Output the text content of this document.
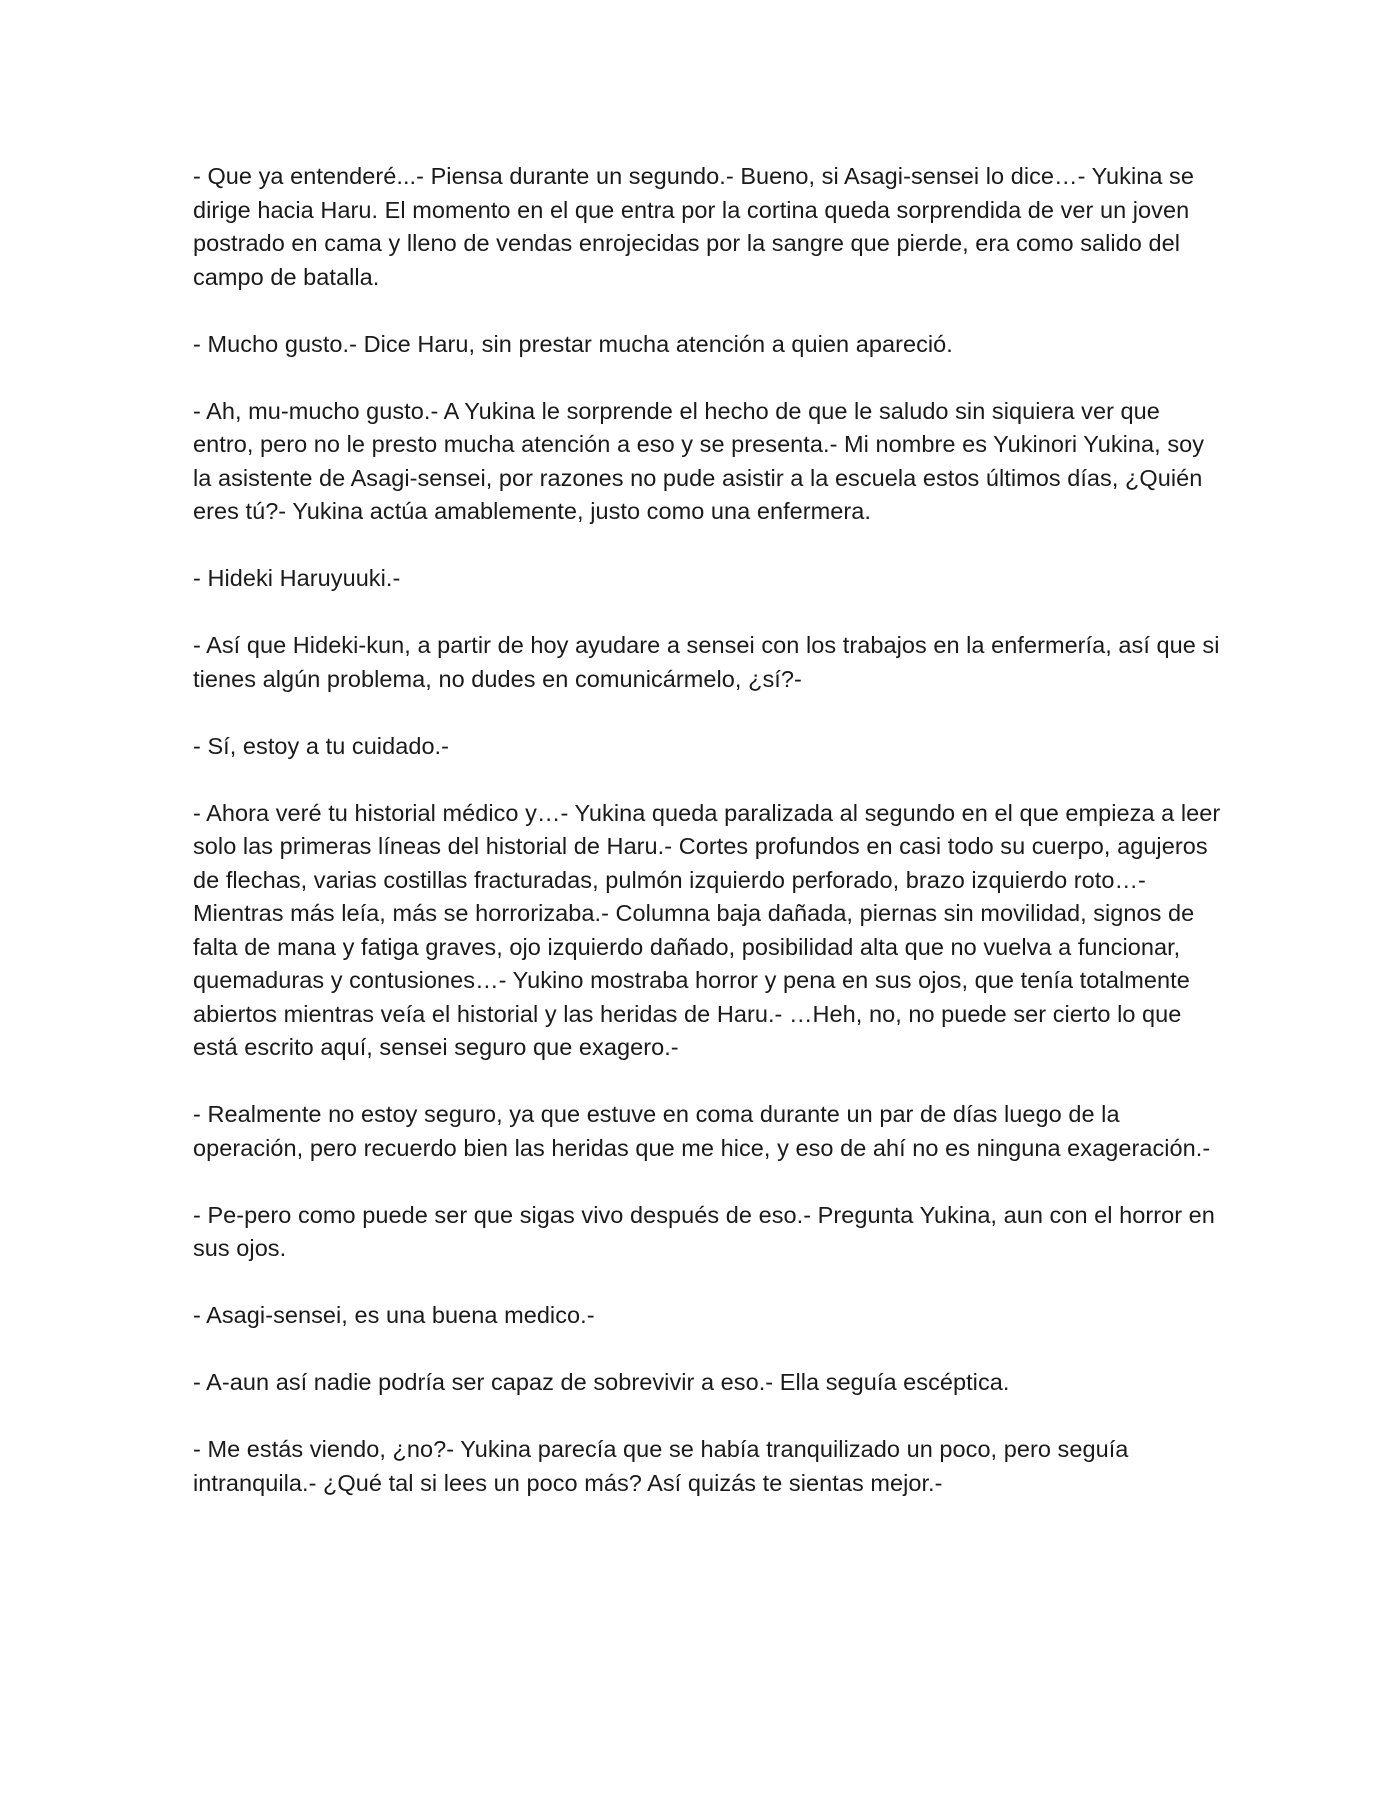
- Que ya entenderé...- Piensa durante un segundo.- Bueno, si Asagi-sensei lo dice…- Yukina se dirige hacia Haru. El momento en el que entra por la cortina queda sorprendida de ver un joven postrado en cama y lleno de vendas enrojecidas por la sangre que pierde, era como salido del campo de batalla.

- Mucho gusto.- Dice Haru, sin prestar mucha atención a quien apareció.

- Ah, mu-mucho gusto.- A Yukina le sorprende el hecho de que le saludo sin siquiera ver que entro, pero no le presto mucha atención a eso y se presenta.- Mi nombre es Yukinori Yukina, soy la asistente de Asagi-sensei, por razones no pude asistir a la escuela estos últimos días, ¿Quién eres tú?- Yukina actúa amablemente, justo como una enfermera.

- Hideki Haruyuuki.-

- Así que Hideki-kun, a partir de hoy ayudare a sensei con los trabajos en la enfermería, así que si tienes algún problema, no dudes en comunicármelo, ¿sí?-

- Sí, estoy a tu cuidado.-

- Ahora veré tu historial médico y…- Yukina queda paralizada al segundo en el que empieza a leer solo las primeras líneas del historial de Haru.- Cortes profundos en casi todo su cuerpo, agujeros de flechas, varias costillas fracturadas, pulmón izquierdo perforado, brazo izquierdo roto…- Mientras más leía, más se horrorizaba.- Columna baja dañada, piernas sin movilidad, signos de falta de mana y fatiga graves, ojo izquierdo dañado, posibilidad alta que no vuelva a funcionar, quemaduras y contusiones…- Yukino mostraba horror y pena en sus ojos, que tenía totalmente abiertos mientras veía el historial y las heridas de Haru.- …Heh, no, no puede ser cierto lo que está escrito aquí, sensei seguro que exagero.-

- Realmente no estoy seguro, ya que estuve en coma durante un par de días luego de la operación, pero recuerdo bien las heridas que me hice, y eso de ahí no es ninguna exageración.-

- Pe-pero como puede ser que sigas vivo después de eso.- Pregunta Yukina, aun con el horror en sus ojos.

- Asagi-sensei, es una buena medico.-

- A-aun así nadie podría ser capaz de sobrevivir a eso.- Ella seguía escéptica.

- Me estás viendo, ¿no?- Yukina parecía que se había tranquilizado un poco, pero seguía intranquila.- ¿Qué tal si lees un poco más? Así quizás te sientas mejor.-
